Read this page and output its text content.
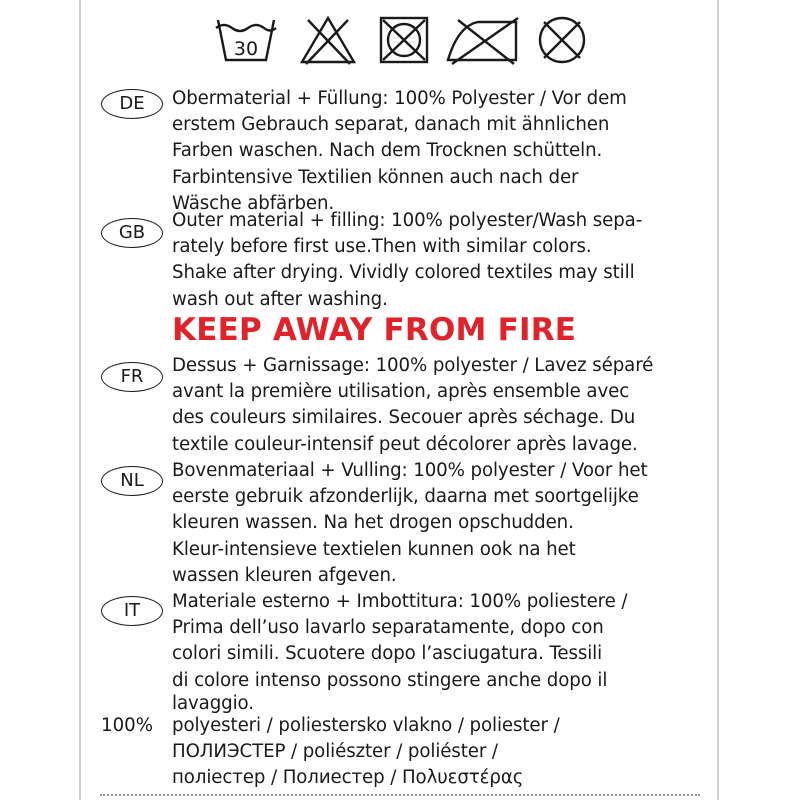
30
DE	Obermaterial + Füllung: 100% Polyester / Vor dem
erstem Gebrauch separat, danach mit ähnlichen
Farben waschen. Nach dem Trocknen schütteln.
Farbintensive Textilien können auch nach der
Wäsche abfärben.
GB
Outer material + filling: 100% polyester/Wash sepa-
rately before first use.Then with similar colors.
Shake after drying. Vividly colored textiles may still
wash out after washing.
KEEP AWAY FROM FIRE
FR
Dessus + Garnissage: 100% polyester / Lavez séparé
avant la première utilisation, après ensemble avec
des couleurs similaires. Secouer après séchage. Du
textile couleur-intensif peut décolorer après lavage.
NL	Bovenmateriaal + Vulling: 100% polyester / Voor het
eerste gebruik afzonderlijk, daarna met soortgelijke
kleuren wassen. Na het drogen opschudden.
Kleur-intensieve textielen kunnen ook na het
wassen kleuren afgeven.
IT	Materiale esterno + Imbottitura: 100% poliestere /
Prima dell’uso lavarlo separatamente, dopo con
colori simili. Scuotere dopo l’asciugatura. Tessili
di colore intenso possono stingere anche dopo il
lavaggio.
100% polyesteri / poliestersko vlakno / poliester /
ПОЛИЭСТЕР / poliészter / poliéster /
поліестер / Полиестер / Πολυεστέρας
